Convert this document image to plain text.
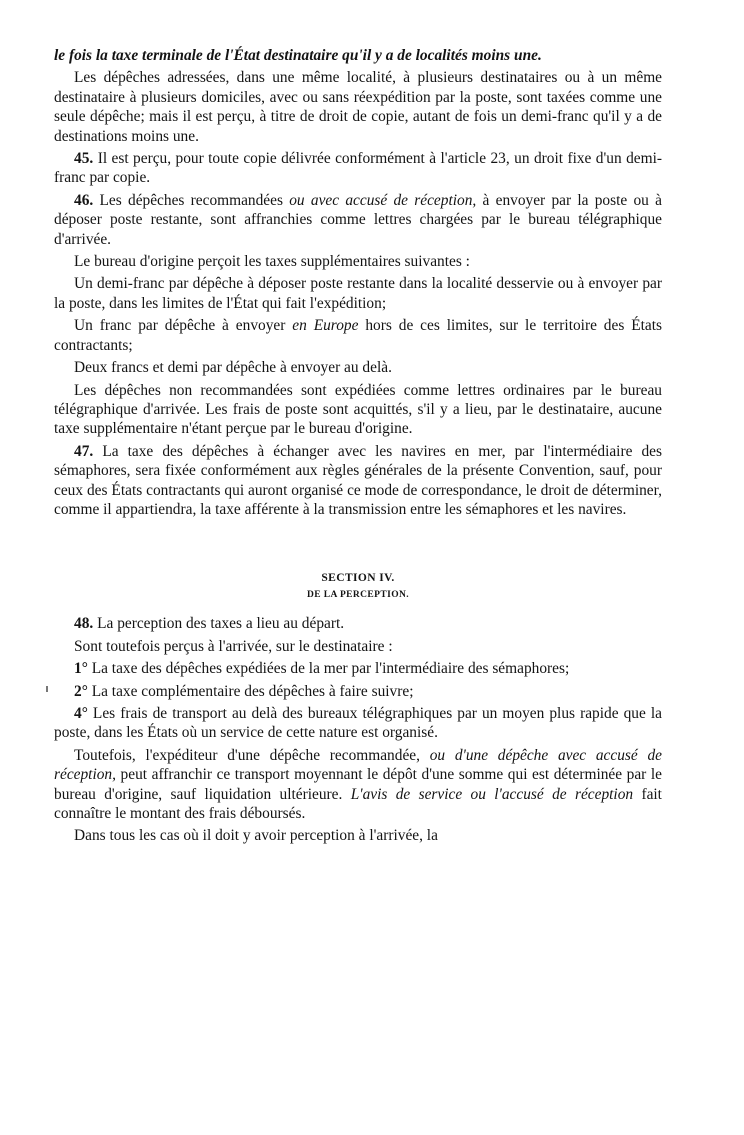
le fois la taxe terminale de l'État destinataire qu'il y a de localités moins une.

Les dépêches adressées, dans une même localité, à plusieurs destinataires ou à un même destinataire à plusieurs domiciles, avec ou sans réexpédition par la poste, sont taxées comme une seule dépêche; mais il est perçu, à titre de droit de copie, autant de fois un demi-franc qu'il y a de destinations moins une.

45. Il est perçu, pour toute copie délivrée conformément à l'article 23, un droit fixe d'un demi-franc par copie.

46. Les dépêches recommandées ou avec accusé de réception, à envoyer par la poste ou à déposer poste restante, sont affranchies comme lettres chargées par le bureau télégraphique d'arrivée.

Le bureau d'origine perçoit les taxes supplémentaires suivantes :

Un demi-franc par dépêche à déposer poste restante dans la localité desservie ou à envoyer par la poste, dans les limites de l'État qui fait l'expédition;

Un franc par dépêche à envoyer en Europe hors de ces limites, sur le territoire des États contractants;

Deux francs et demi par dépêche à envoyer au delà.

Les dépêches non recommandées sont expédiées comme lettres ordinaires par le bureau télégraphique d'arrivée. Les frais de poste sont acquittés, s'il y a lieu, par le destinataire, aucune taxe supplémentaire n'étant perçue par le bureau d'origine.

47. La taxe des dépêches à échanger avec les navires en mer, par l'intermédiaire des sémaphores, sera fixée conformément aux règles générales de la présente Convention, sauf, pour ceux des États contractants qui auront organisé ce mode de correspondance, le droit de déterminer, comme il appartiendra, la taxe afférente à la transmission entre les sémaphores et les navires.

SECTION IV.
DE LA PERCEPTION.

48. La perception des taxes a lieu au départ.

Sont toutefois perçus à l'arrivée, sur le destinataire :

1° La taxe des dépêches expédiées de la mer par l'intermédiaire des sémaphores;

2° La taxe complémentaire des dépêches à faire suivre;

4° Les frais de transport au delà des bureaux télégraphiques par un moyen plus rapide que la poste, dans les États où un service de cette nature est organisé.

Toutefois, l'expéditeur d'une dépêche recommandée, ou d'une dépêche avec accusé de réception, peut affranchir ce transport moyennant le dépôt d'une somme qui est déterminée par le bureau d'origine, sauf liquidation ultérieure. L'avis de service ou l'accusé de réception fait connaître le montant des frais déboursés.

Dans tous les cas où il doit y avoir perception à l'arrivée, la
